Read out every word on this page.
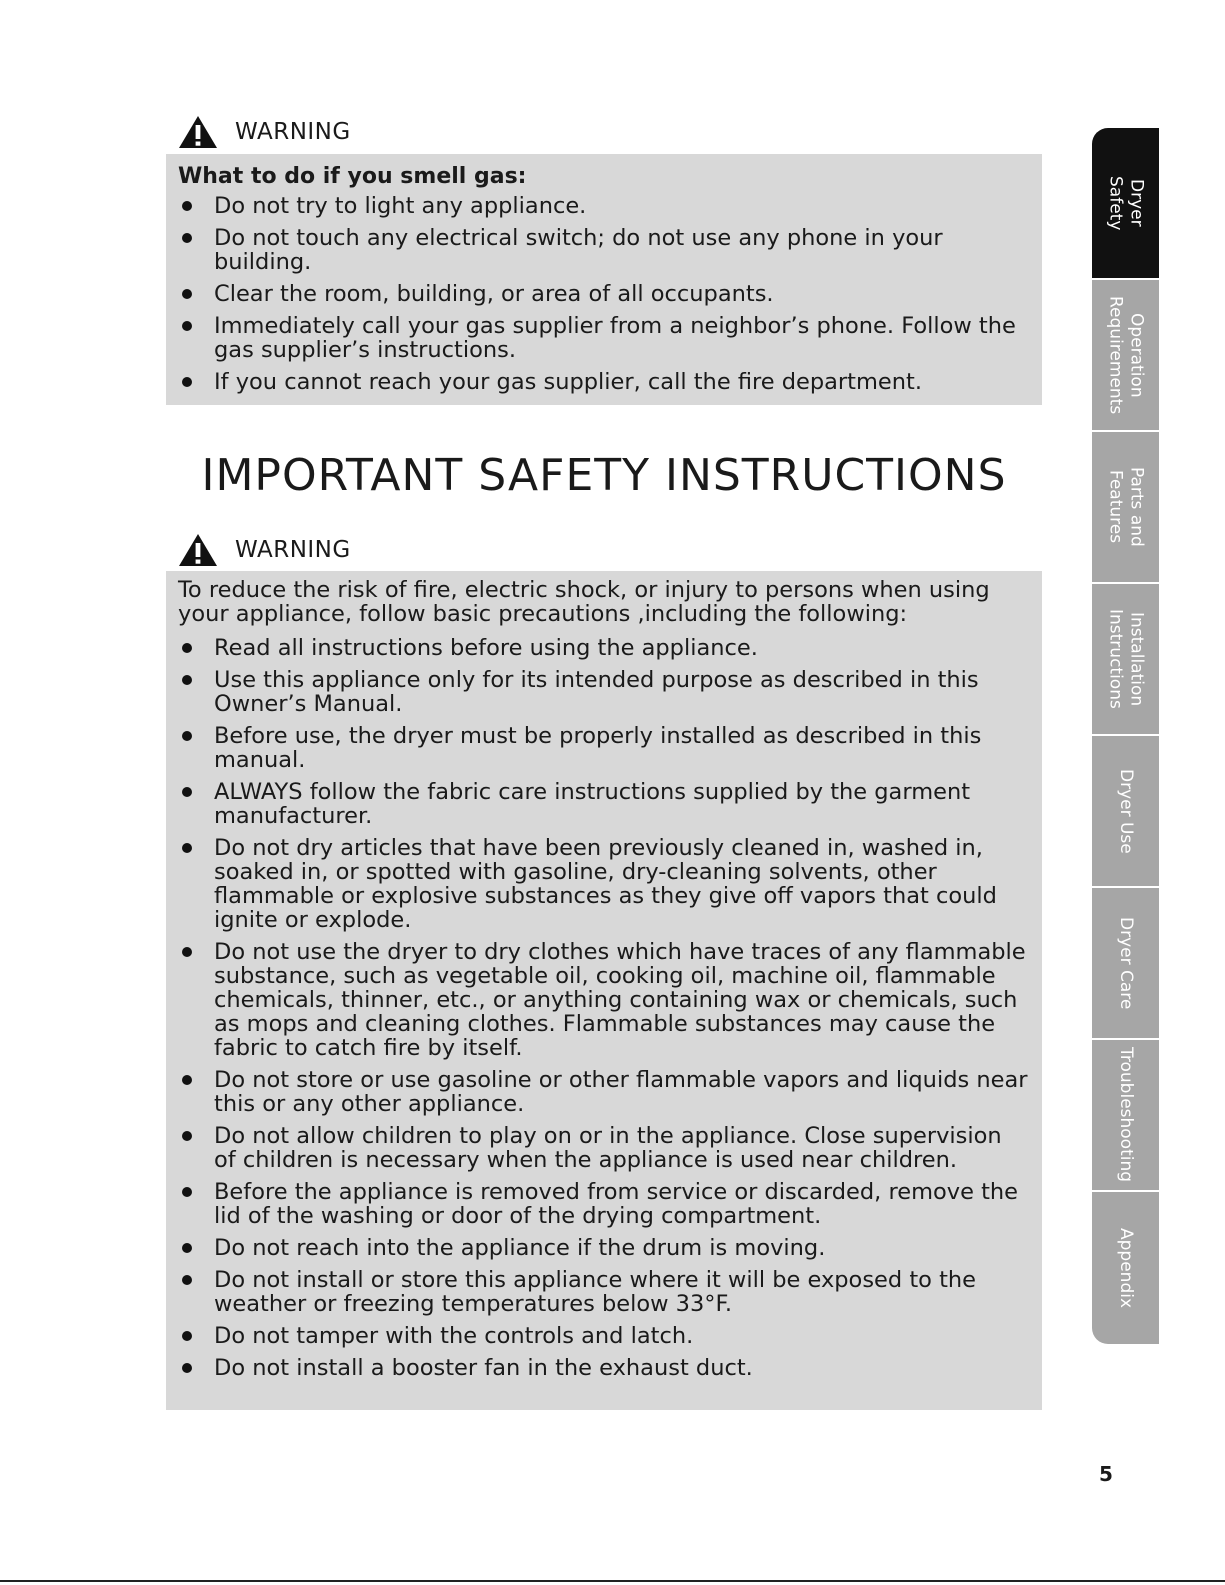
WARNING
What to do if you smell gas:
Do not try to light any appliance.
Do not touch any electrical switch; do not use any phone in your building.
Clear the room, building, or area of all occupants.
Immediately call your gas supplier from a neighbor’s phone. Follow the gas supplier’s instructions.
If you cannot reach your gas supplier, call the fire department.
IMPORTANT SAFETY INSTRUCTIONS
WARNING
To reduce the risk of fire, electric shock, or injury to persons when using your appliance, follow basic precautions ,including the following:
Read all instructions before using the appliance.
Use this appliance only for its intended purpose as described in this Owner’s Manual.
Before use, the dryer must be properly installed as described in this manual.
ALWAYS follow the fabric care instructions supplied by the garment manufacturer.
Do not dry articles that have been previously cleaned in, washed in, soaked in, or spotted with gasoline, dry-cleaning solvents, other flammable or explosive substances as they give off vapors that could ignite or explode.
Do not use the dryer to dry clothes which have traces of any flammable substance, such as vegetable oil, cooking oil, machine oil, flammable chemicals, thinner, etc., or anything containing wax or chemicals, such as mops and cleaning clothes. Flammable substances may cause the fabric to catch fire by itself.
Do not store or use gasoline or other flammable vapors and liquids near this or any other appliance.
Do not allow children to play on or in the appliance. Close supervision of children is necessary when the appliance is used near children.
Before the appliance is removed from service or discarded, remove the lid of the washing or door of the drying compartment.
Do not reach into the appliance if the drum is moving.
Do not install or store this appliance where it will be exposed to the weather or freezing temperatures below 33°F.
Do not tamper with the controls and latch.
Do not install a booster fan in the exhaust duct.
Dryer
Safety
Operation
Requirements
Parts and
Features
Installation
Instructions
Dryer Use
Dryer Care
Troubleshooting
Appendix
5
